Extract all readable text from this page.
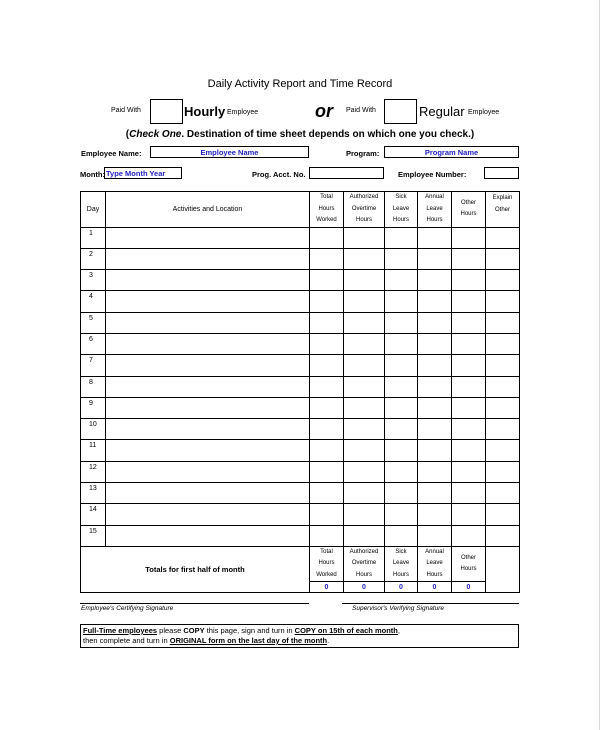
Daily Activity Report and Time Record
Paid With	Hourly Employee	or Paid With	Regular Employee
(Check One. Destination of time sheet depends on which one you check.)
Employee Name:	Employee Name	Program:	Program Name
Month: Type Month Year	Prog. Acct. No.	Employee Number:
Day	Activities and Location	Total
Hours
Worked	Authorized
Overtime
Hours	Sick
Leave
Hours	Annual
Leave
Hours	Other
Hours	Explain
Other
1							
2							
3							
4							
5							
6							
7							
8							
9							
10							
11							
12							
13							
14							
15							
Totals for first half of month		Total
Hours
Worked	Authorized
Overtime
Hours	Sick
Leave
Hours	Annual
Leave
Hours	Other
Hours	
		0	0	0	0	0	
Employee's Certifying Signature	Supervisor's Verifying Signature
Full-Time employees please COPY this page, sign and turn in COPY on 15th of each month,
then complete and turn in ORIGINAL form on the last day of the month.
